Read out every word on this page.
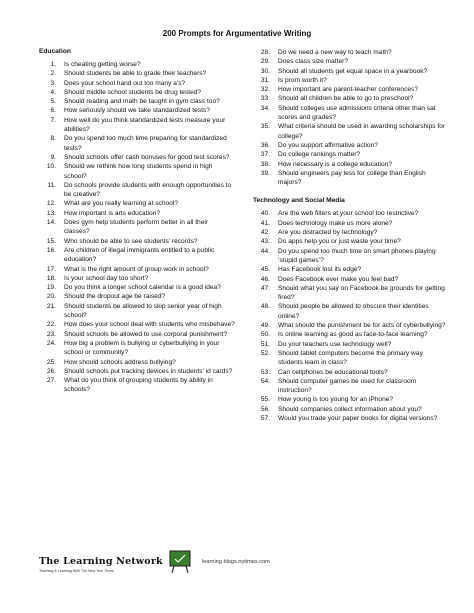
200 Prompts for Argumentative Writing
Education
1. Is cheating getting worse?
2. Should students be able to grade their teachers?
3. Does your school hand out too many a’s?
4. Should middle school students be drug tested?
5. Should reading and math be taught in gym class too?
6. How seriously should we take standardized tests?
7. How well do you think standardized tests measure your abilities?
8. Do you spend too much time preparing for standardized tests?
9. Should schools offer cash bonuses for good test scores?
10. Should we rethink how long students spend in high school?
11. Do schools provide students with enough opportunities to be creative?
12. What are you really learning at school?
13. How important is arts education?
14. Does gym help students perform better in all their classes?
15. Who should be able to see students’ records?
16. Are children of illegal immigrants entitled to a public education?
17. What is the right amount of group work in school?
18. Is your school day too short?
19. Do you think a longer school calendar is a good idea?
20. Should the dropout age be raised?
21. Should students be allowed to skip senior year of high school?
22. How does your school deal with students who misbehave?
23. Should schools be allowed to use corporal punishment?
24. How big a problem is bullying or cyberbullying in your school or community?
25. How should schools address bullying?
26. Should schools put tracking devices in students’ id cards?
27. What do you think of grouping students by ability in schools?
28. Do we need a new way to teach math?
29. Does class size matter?
30. Should all students get equal space in a yearbook?
31. Is prom worth it?
32. How important are parent-teacher conferences?
33. Should all children be able to go to preschool?
34. Should colleges use admissions criteria other than sat scores and grades?
35. What criteria should be used in awarding scholarships for college?
36. Do you support affirmative action?
37. Do college rankings matter?
38. How necessary is a college education?
39. Should engineers pay less for college than English majors?
Technology and Social Media
40. Are the web filters at your school too restrictive?
41. Does technology make us more alone?
42. Are you distracted by technology?
43. Do apps help you or just waste your time?
44. Do you spend too much time on smart phones playing ‘stupid games’?
45. Has Facebook lost its edge?
46. Does Facebook ever make you feel bad?
47. Should what you say on Facebook be grounds for getting fired?
48. Should people be allowed to obscure their identities online?
49. What should the punishment be for acts of cyberbullying?
50. Is online learning as good as face-to-face learning?
51. Do your teachers use technology well?
52. Should tablet computers become the primary way students learn in class?
53. Can cellphones be educational tools?
54. Should computer games be used for classroom instruction?
55. How young is too young for an iPhone?
56. Should companies collect information about you?
57. Would you trade your paper books for digital versions?
The Learning Network
Teaching & Learning With The New York Times
learning.blogs.nytimes.com
